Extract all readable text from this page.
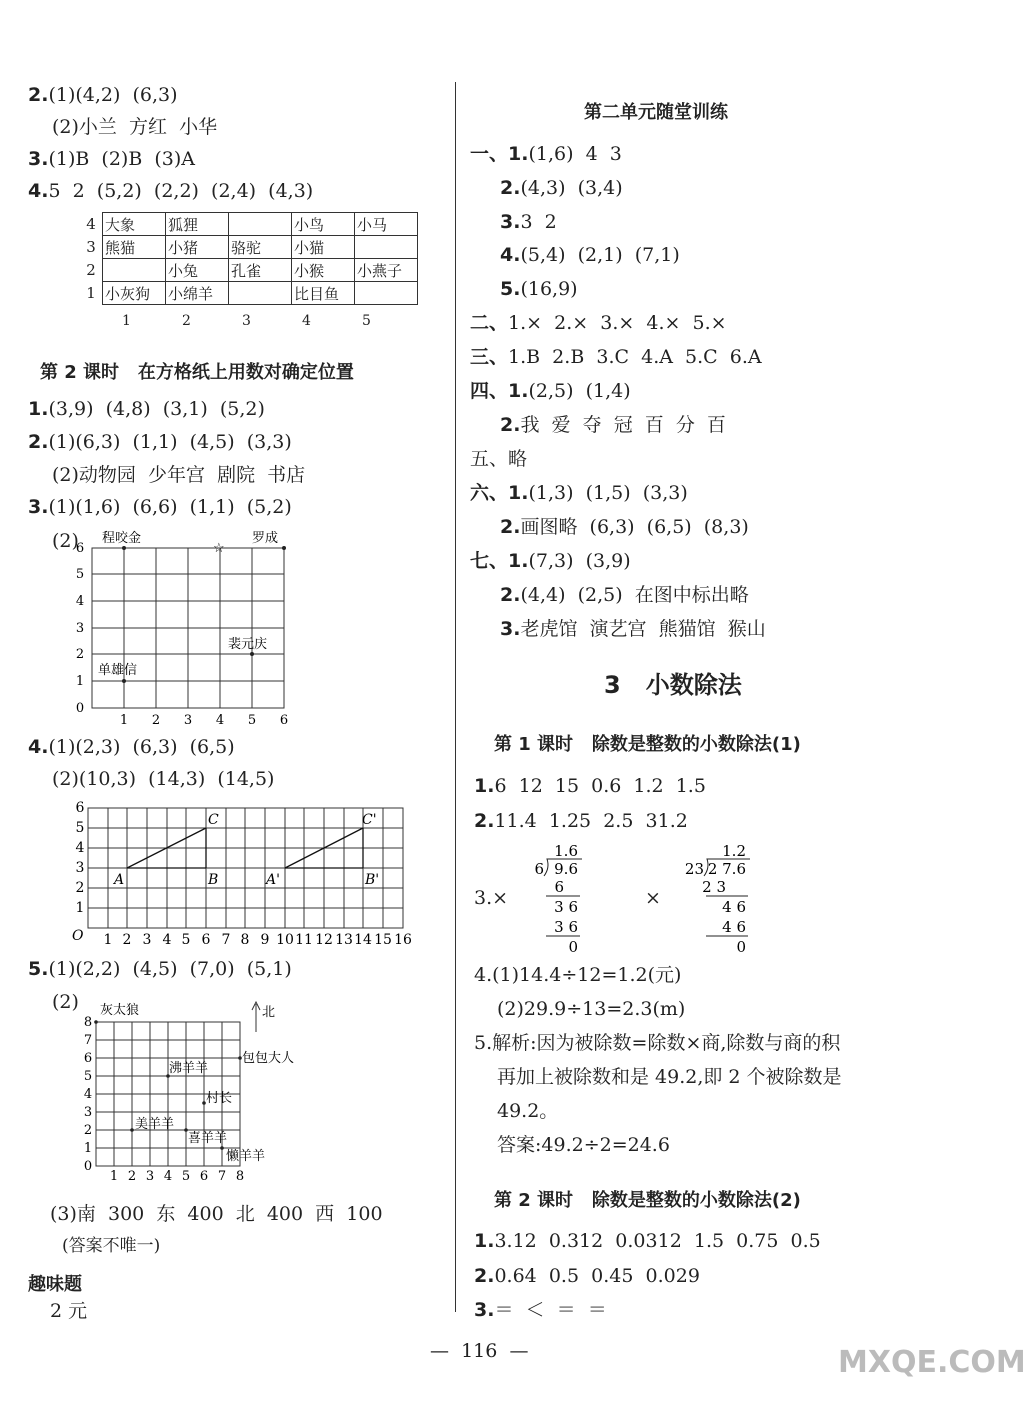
2.(1)(4,2)  (6,3)
(2)小兰  方红  小华
3.(1)B  (2)B  (3)A
4.5  2  (5,2)  (2,2)  (2,4)  (4,3)
4	大象	狐狸		小鸟	小马
3	熊猫	小猪	骆驼	小猫	
2		小兔	孔雀	小猴	小燕子
1	小灰狗	小绵羊		比目鱼	
1	2	3	4	5
第 2 课时   在方格纸上用数对确定位置
1.(3,9)  (4,8)  (3,1)  (5,2)
2.(1)(6,3)  (1,1)  (4,5)  (3,3)
(2)动物园  少年宫  剧院  书店
3.(1)(1,6)  (6,6)  (1,1)  (5,2)
(2) 程咬金
☆
罗成
裴元庆
单雄信
0
1
2
3
4
5
6
1 2 3 4 5 6
4.(1)(2,3)  (6,3)  (6,5)
(2)(10,3)  (14,3)  (14,5)
A	B
C
A'	B'
C'
O
1
2
3
4
5
6
1 2 3 4 5 6 7 8 9 10 11 12 13 14 15 16
5.(1)(2,2)  (4,5)  (7,0)  (5,1)
(2) 灰太狼
沸羊羊
包包大人
村长
美羊羊
喜羊羊
懒羊羊
北
0
1 2 3 4 5 6 7 8
1
2
3
4
5
6
7
8
(3)南  300  东  400  北  400  西  100
(答案不唯一)
趣味题
2 元
第二单元随堂训练
一、1.(1,6)  4  3
2.(4,3)  (3,4)
3.3  2
4.(5,4)  (2,1)  (7,1)
5.(16,9)
二、1.×  2.×  3.×  4.×  5.×
三、1.B  2.B  3.C  4.A  5.C  6.A
四、1.(2,5)  (1,4)
2.我  爱  夺  冠  百  分  百
五、略
六、1.(1,3)  (1,5)  (3,3)
2.画图略  (6,3)  (6,5)  (8,3)
七、1.(7,3)  (3,9)
2.(4,4)  (2,5)  在图中标出略
3.老虎馆  演艺宫  熊猫馆  猴山
3   小数除法
第 1 课时   除数是整数的小数除法(1)
1.6  12  15  0.6  1.2  1.5
2.11.4  1.25  2.5  31.2
3.×	×
1.6
6 9.6
6
3 6
3 6
0
1.2
23 2 7.6
2 3
4 6
4 6
0
4.(1)14.4÷12=1.2(元)
(2)29.9÷13=2.3(m)
5.解析:因为被除数=除数×商,除数与商的积
再加上被除数和是 49.2,即 2 个被除数是
49.2。
答案:49.2÷2=24.6
第 2 课时   除数是整数的小数除法(2)
1.3.12  0.312  0.0312  1.5  0.75  0.5
2.0.64  0.5  0.45  0.029
3.＝  ＜  ＝  ＝
—  116  —	MXQE.COM
